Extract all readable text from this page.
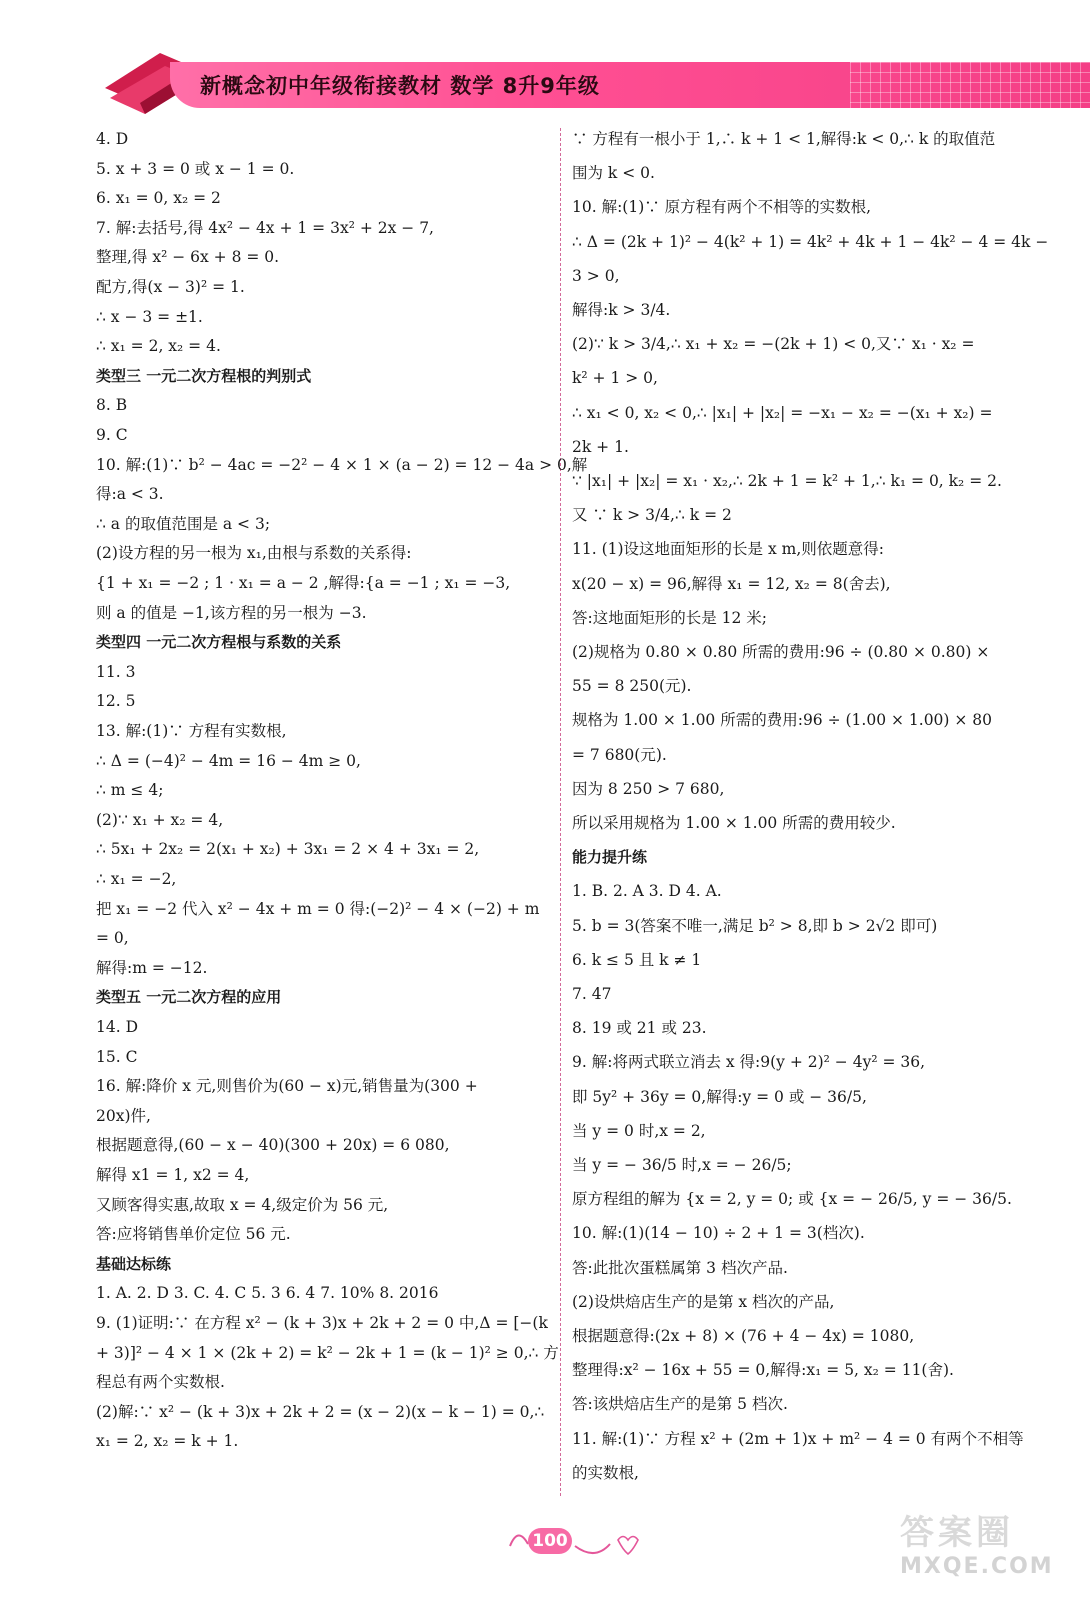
新概念初中年级衔接教材 数学 8升9年级
4. D
5. x + 3 = 0 或 x − 1 = 0.
6. x₁ = 0, x₂ = 2
7. 解:去括号,得 4x² − 4x + 1 = 3x² + 2x − 7,
整理,得 x² − 6x + 8 = 0.
配方,得(x − 3)² = 1.
∴ x − 3 = ±1.
∴ x₁ = 2, x₂ = 4.
类型三 一元二次方程根的判别式
8. B
9. C
10. 解:(1)∵ b² − 4ac = −2² − 4 × 1 × (a − 2) = 12 − 4a > 0,解
得:a < 3.
∴ a 的取值范围是 a < 3;
(2)设方程的另一根为 x₁,由根与系数的关系得:
{1 + x₁ = −2 ; 1 · x₁ = a − 2 ,解得:{a = −1 ; x₁ = −3,
则 a 的值是 −1,该方程的另一根为 −3.
类型四 一元二次方程根与系数的关系
11. 3
12. 5
13. 解:(1)∵ 方程有实数根,
∴ Δ = (−4)² − 4m = 16 − 4m ≥ 0,
∴ m ≤ 4;
(2)∵ x₁ + x₂ = 4,
∴ 5x₁ + 2x₂ = 2(x₁ + x₂) + 3x₁ = 2 × 4 + 3x₁ = 2,
∴ x₁ = −2,
把 x₁ = −2 代入 x² − 4x + m = 0 得:(−2)² − 4 × (−2) + m
= 0,
解得:m = −12.
类型五 一元二次方程的应用
14. D
15. C
16. 解:降价 x 元,则售价为(60 − x)元,销售量为(300 +
20x)件,
根据题意得,(60 − x − 40)(300 + 20x) = 6 080,
解得 x1 = 1, x2 = 4,
又顾客得实惠,故取 x = 4,级定价为 56 元,
答:应将销售单价定位 56 元.
基础达标练
1. A. 2. D 3. C. 4. C 5. 3 6. 4 7. 10% 8. 2016
9. (1)证明:∵ 在方程 x² − (k + 3)x + 2k + 2 = 0 中,Δ = [−(k
+ 3)]² − 4 × 1 × (2k + 2) = k² − 2k + 1 = (k − 1)² ≥ 0,∴ 方
程总有两个实数根.
(2)解:∵ x² − (k + 3)x + 2k + 2 = (x − 2)(x − k − 1) = 0,∴
x₁ = 2, x₂ = k + 1.
∵ 方程有一根小于 1,∴ k + 1 < 1,解得:k < 0,∴ k 的取值范
围为 k < 0.
10. 解:(1)∵ 原方程有两个不相等的实数根,
∴ Δ = (2k + 1)² − 4(k² + 1) = 4k² + 4k + 1 − 4k² − 4 = 4k −
3 > 0,
解得:k > 3/4.
(2)∵ k > 3/4,∴ x₁ + x₂ = −(2k + 1) < 0,又∵ x₁ · x₂ =
k² + 1 > 0,
∴ x₁ < 0, x₂ < 0,∴ |x₁| + |x₂| = −x₁ − x₂ = −(x₁ + x₂) =
2k + 1.
∵ |x₁| + |x₂| = x₁ · x₂,∴ 2k + 1 = k² + 1,∴ k₁ = 0, k₂ = 2.
又 ∵ k > 3/4,∴ k = 2
11. (1)设这地面矩形的长是 x m,则依题意得:
x(20 − x) = 96,解得 x₁ = 12, x₂ = 8(舍去),
答:这地面矩形的长是 12 米;
(2)规格为 0.80 × 0.80 所需的费用:96 ÷ (0.80 × 0.80) ×
55 = 8 250(元).
规格为 1.00 × 1.00 所需的费用:96 ÷ (1.00 × 1.00) × 80
= 7 680(元).
因为 8 250 > 7 680,
所以采用规格为 1.00 × 1.00 所需的费用较少.
能力提升练
1. B. 2. A 3. D 4. A.
5. b = 3(答案不唯一,满足 b² > 8,即 b > 2√2 即可)
6. k ≤ 5 且 k ≠ 1
7. 47
8. 19 或 21 或 23.
9. 解:将两式联立消去 x 得:9(y + 2)² − 4y² = 36,
即 5y² + 36y = 0,解得:y = 0 或 − 36/5,
当 y = 0 时,x = 2,
当 y = − 36/5 时,x = − 26/5;
原方程组的解为 {x = 2, y = 0; 或 {x = − 26/5, y = − 36/5.
10. 解:(1)(14 − 10) ÷ 2 + 1 = 3(档次).
答:此批次蛋糕属第 3 档次产品.
(2)设烘焙店生产的是第 x 档次的产品,
根据题意得:(2x + 8) × (76 + 4 − 4x) = 1080,
整理得:x² − 16x + 55 = 0,解得:x₁ = 5, x₂ = 11(舍).
答:该烘焙店生产的是第 5 档次.
11. 解:(1)∵ 方程 x² + (2m + 1)x + m² − 4 = 0 有两个不相等
的实数根,
100	答案圈
MXQE.COM
